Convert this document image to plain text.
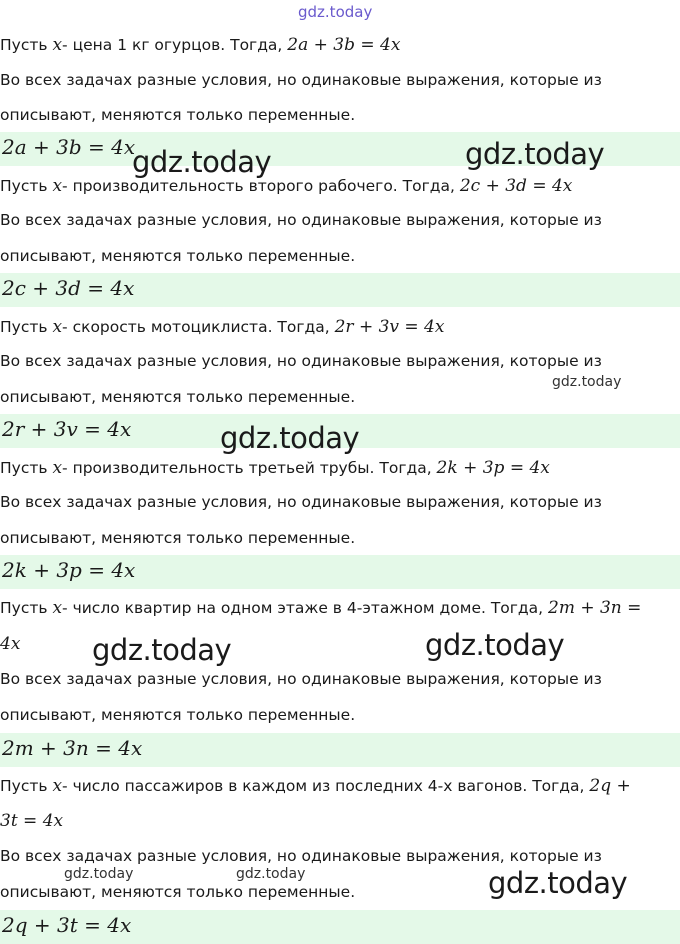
gdz.today
Пусть x- цена 1 кг огурцов. Тогда, 2a + 3b = 4x
Во всех задачах разные условия, но одинаковые выражения, которые из
описывают, меняются только переменные.
2a + 3b = 4x
Пусть x- производительность второго рабочего. Тогда, 2c + 3d = 4x
Во всех задачах разные условия, но одинаковые выражения, которые из
описывают, меняются только переменные.
2c + 3d = 4x
Пусть x- скорость мотоциклиста. Тогда, 2r + 3v = 4x
Во всех задачах разные условия, но одинаковые выражения, которые из
описывают, меняются только переменные.
2r + 3v = 4x
Пусть x- производительность третьей трубы. Тогда, 2k + 3p = 4x
Во всех задачах разные условия, но одинаковые выражения, которые из
описывают, меняются только переменные.
2k + 3p = 4x
Пусть x- число квартир на одном этаже в 4-этажном доме. Тогда, 2m + 3n =
4x
Во всех задачах разные условия, но одинаковые выражения, которые из
описывают, меняются только переменные.
2m + 3n = 4x
Пусть x- число пассажиров в каждом из последних 4-х вагонов. Тогда, 2q +
3t = 4x
Во всех задачах разные условия, но одинаковые выражения, которые из
описывают, меняются только переменные.
2q + 3t = 4x
gdz.today	gdz.today
gdz.today
gdz.today
gdz.today	gdz.today
gdz.today	gdz.today	gdz.today
